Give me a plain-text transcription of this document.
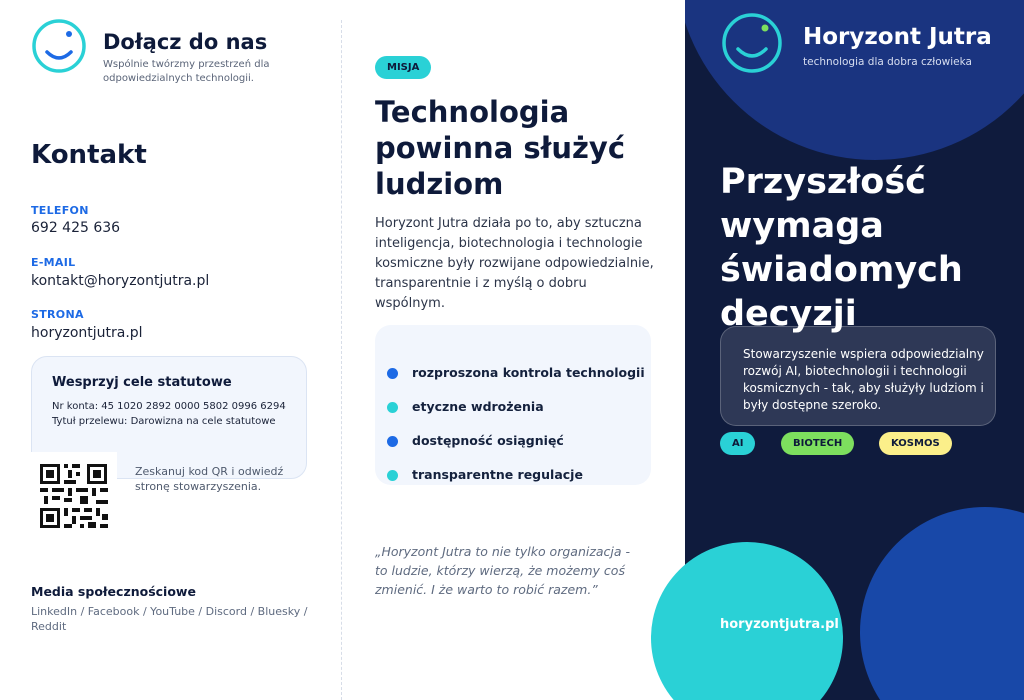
Dołącz do nas
Wspólnie twórzmy przestrzeń dla odpowiedzialnych technologii.
Kontakt
TELEFON
692 425 636
E-MAIL
kontakt@horyzontjutra.pl
STRONA
horyzontjutra.pl
Wesprzyj cele statutowe
Nr konta: 45 1020 2892 0000 5802 0996 6294
Tytuł przelewu: Darowizna na cele statutowe
Zeskanuj kod QR i odwiedź stronę stowarzyszenia.
Media społecznościowe
LinkedIn / Facebook / YouTube / Discord / Bluesky / Reddit
MISJA
Technologia powinna służyć ludziom
Horyzont Jutra działa po to, aby sztuczna inteligencja, biotechnologia i technologie kosmiczne były rozwijane odpowiedzialnie, transparentnie i z myślą o dobru wspólnym.
rozproszona kontrola technologii
etyczne wdrożenia
dostępność osiągnięć
transparentne regulacje
„Horyzont Jutra to nie tylko organizacja - to ludzie, którzy wierzą, że możemy coś zmienić. I że warto to robić razem.”
Horyzont Jutra
technologia dla dobra człowieka
Przyszłość wymaga świadomych decyzji
Stowarzyszenie wspiera odpowiedzialny rozwój AI, biotechnologii i technologii kosmicznych - tak, aby służyły ludziom i były dostępne szeroko.
AI	BIOTECH	KOSMOS
horyzontjutra.pl
